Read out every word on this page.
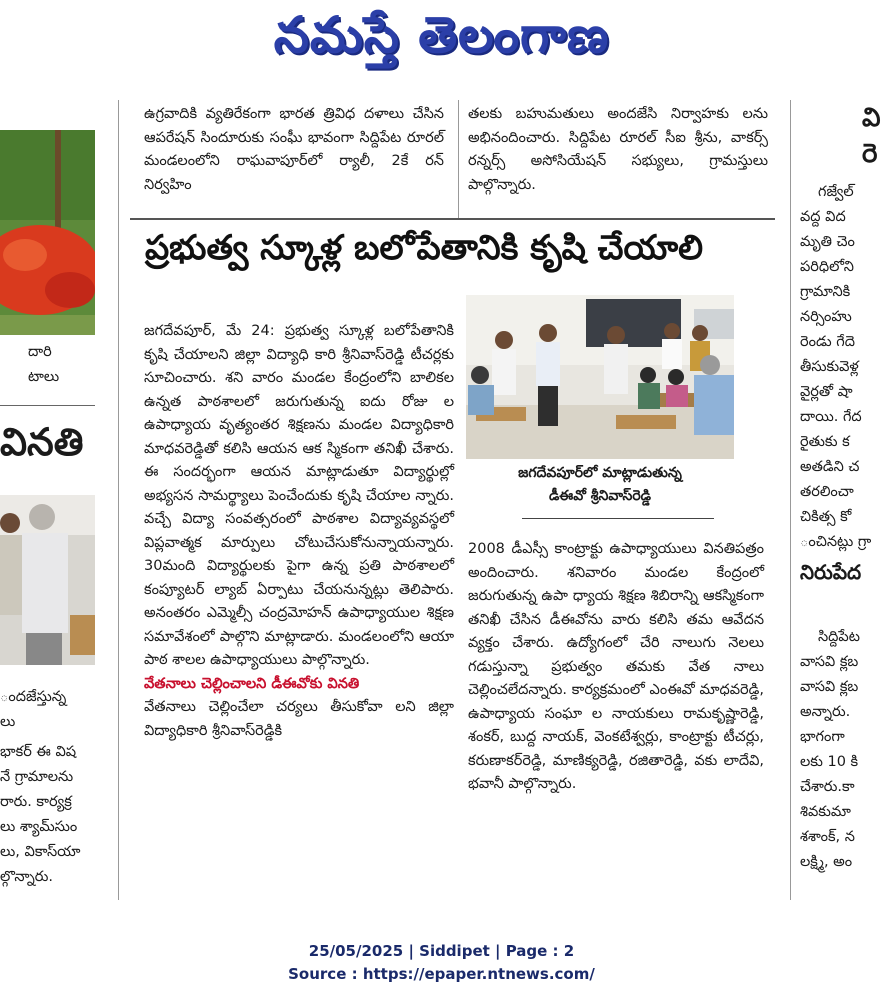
నమస్తే తెలంగాణ

ఉగ్రవాదికి వ్యతిరేకంగా భారత త్రివిధ దళాలు చేసిన ఆపరేషన్ సిందూరుకు సంఘీ భావంగా సిద్దిపేట రూరల్ మండలంలోని రాఘవాపూర్‌లో ర్యాలీ, 2కే రన్ నిర్వహిం

తలకు బహుమతులు అందజేసి నిర్వాహకు లను అభినందించారు. సిద్దిపేట రూరల్ సీఐ శ్రీను, వాకర్స్ రన్నర్స్ అసోసియేషన్ సభ్యులు, గ్రామస్తులు పాల్గొన్నారు.

ప్రభుత్వ స్కూళ్ల బలోపేతానికి కృషి చేయాలి

జగదేవపూర్, మే 24: ప్రభుత్వ స్కూళ్ల బలోపేతానికి కృషి చేయాలని జిల్లా విద్యాధి కారి శ్రీనివాస్‌రెడ్డి టీచర్లకు సూచించారు. శని వారం మండల కేంద్రంలోని బాలికల ఉన్నత పాఠశాలలో జరుగుతున్న ఐదు రోజు ల ఉపాధ్యాయ వృత్యంతర శిక్షణను మండల విద్యాధికారి మాధవరెడ్డితో కలిసి ఆయన ఆక స్మికంగా తనిఖీ చేశారు. ఈ సందర్భంగా ఆయన మాట్లాడుతూ విద్యార్థుల్లో అభ్యసన సామర్థ్యాలు పెంచేందుకు కృషి చేయాల న్నారు. వచ్చే విద్యా సంవత్సరంలో పాఠశాల విద్యావ్యవస్థలో విప్లవాత్మక మార్పులు చోటుచేసుకోనున్నాయన్నారు. 30మంది విద్యార్థులకు పైగా ఉన్న ప్రతి పాఠశాలలో కంప్యూటర్ ల్యాబ్ ఏర్పాటు చేయనున్నట్లు తెలిపారు. అనంతరం ఎమ్మెల్సీ చంద్రమోహన్ ఉపాధ్యాయుల శిక్షణ సమావేశంలో పాల్గొని మాట్లాడారు. మండలంలోని ఆయా పాఠ శాలల ఉపాధ్యాయులు పాల్గొన్నారు.

వేతనాలు చెల్లించాలని డీఈవోకు వినతి

వేతనాలు చెల్లించేలా చర్యలు తీసుకోవా లని జిల్లా విద్యాధికారి శ్రీనివాస్‌రెడ్డికి

జగదేవపూర్‌లో మాట్లాడుతున్న
డీఈవో శ్రీనివాస్‌రెడ్డి

2008 డీఎస్సీ కాంట్రాక్టు ఉపాధ్యాయులు వినతిపత్రం అందించారు. శనివారం మండల కేంద్రంలో జరుగుతున్న ఉపా ధ్యాయ శిక్షణ శిబిరాన్ని ఆకస్మికంగా తనిఖీ చేసిన డీఈవోను వారు కలిసి తమ ఆవేదన వ్యక్తం చేశారు. ఉద్యోగంలో చేరి నాలుగు నెలలు గడుస్తున్నా ప్రభుత్వం తమకు వేత నాలు చెల్లించలేదన్నారు. కార్యక్రమంలో ఎంఈవో మాధవరెడ్డి, ఉపాధ్యాయ సంఘా ల నాయకులు రామకృష్ణారెడ్డి, శంకర్, బుద్ద నాయక్, వెంకటేశ్వర్లు, కాంట్రాక్టు టీచర్లు, కరుణాకర్‌రెడ్డి, మాణిక్యరెడ్డి, రజితారెడ్డి, వకు లాదేవి, భవానీ పాల్గొన్నారు.

దారి
టాలు
వినతి
ందజేస్తున్న
లు
భాకర్ ఈ విష
నే గ్రామాలను
రారు. కార్యక్ర
లు శ్యామ్‌సుం
లు, వికాస్‌యా
ల్గొన్నారు.
వి
రె
గజ్వేల్
వద్ద విద
మృతి చెం
పరిధిలోని
గ్రామానికి
నర్సింహు
రెండు గేదె
తీసుకువెళ్ల
వైర్లతో షా
దాయి. గేద
రైతుకు క
అతడిని చ
తరలించా
చికిత్స కో
ంచినట్లు గ్రా
నిరుపేద
సిద్దిపేట
వాసవి క్లబ
వాసవి క్లబ
అన్నారు.
భాగంగా
లకు 10 కి
చేశారు.కా
శివకుమా
శశాంక్, న
లక్ష్మి, అం
25/05/2025 | Siddipet | Page : 2
Source : https://epaper.ntnews.com/
